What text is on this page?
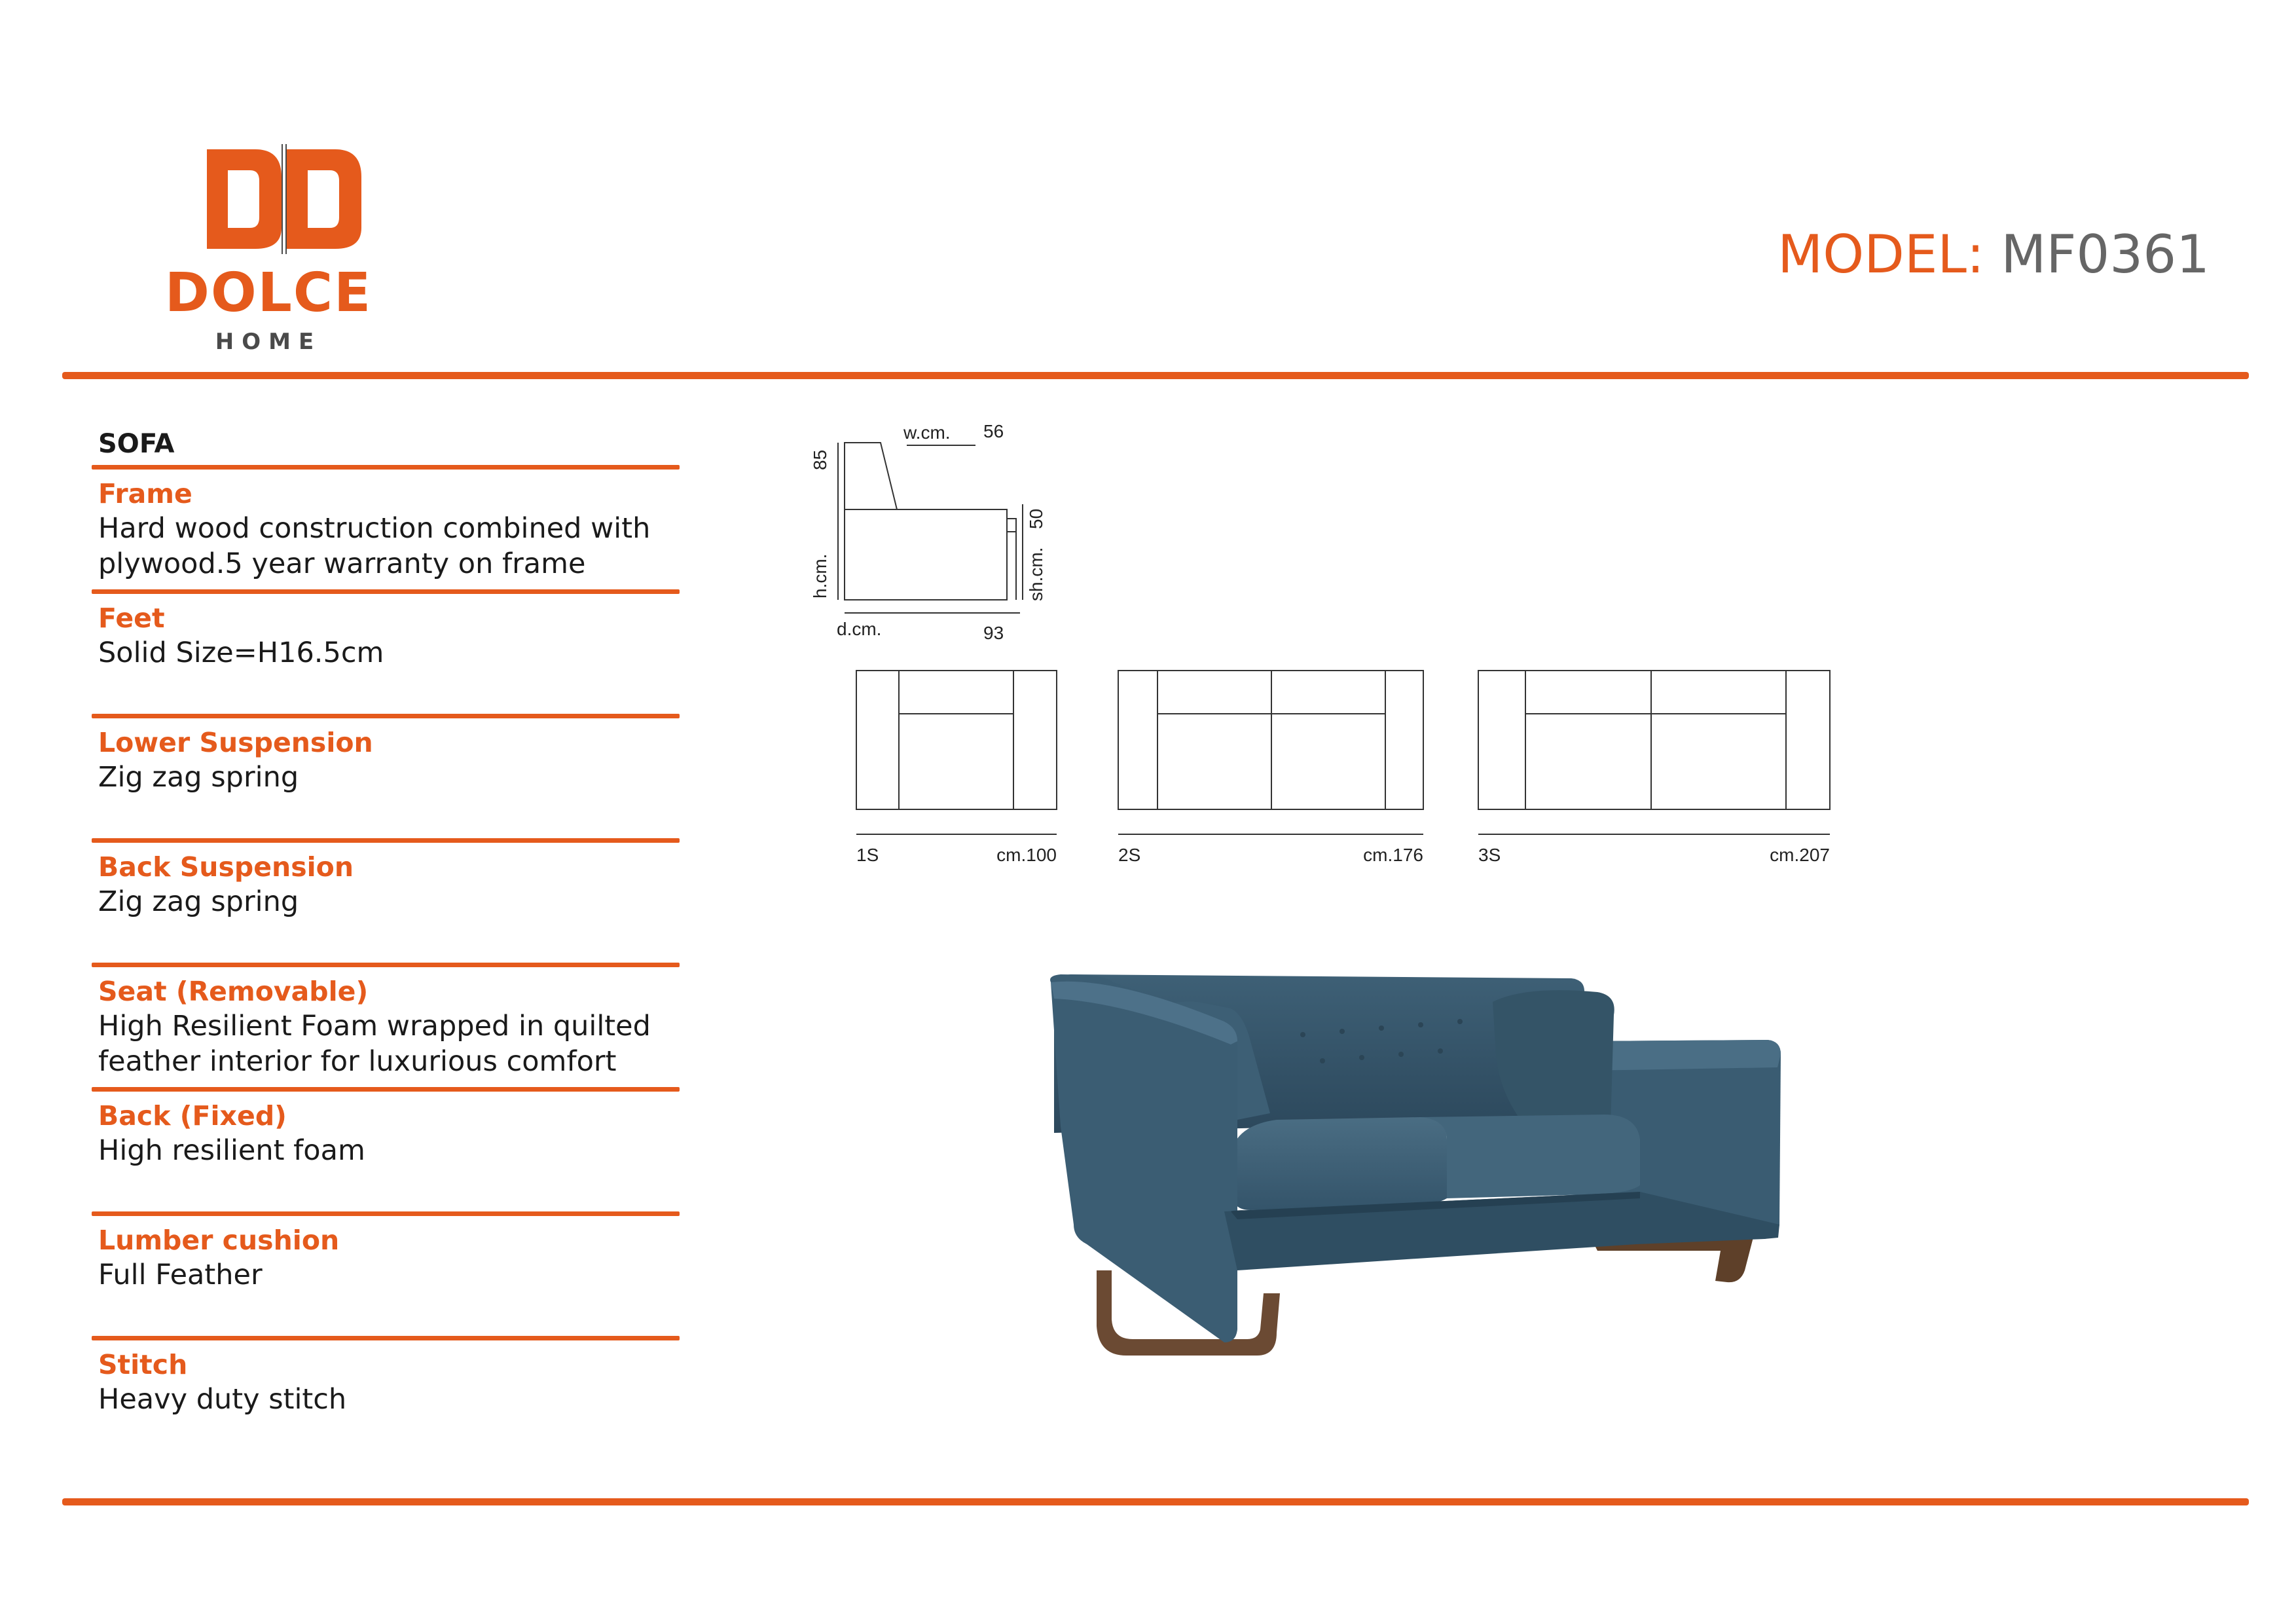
DOLCE
HOME
MODEL: MF0361
SOFA
Frame
Hard wood construction combined with
plywood.5 year warranty on frame
Feet
Solid Size=H16.5cm
Lower Suspension
Zig zag spring
Back Suspension
Zig zag spring
Seat (Removable)
High Resilient Foam wrapped in quilted
feather interior for luxurious comfort
Back (Fixed)
High resilient foam
Lumber cushion
Full Feather
Stitch
Heavy duty stitch
w.cm. 56
85
h.cm.
50
sh.cm.
d.cm.	93
1S	cm.100	2S	cm.176	3S	cm.207
